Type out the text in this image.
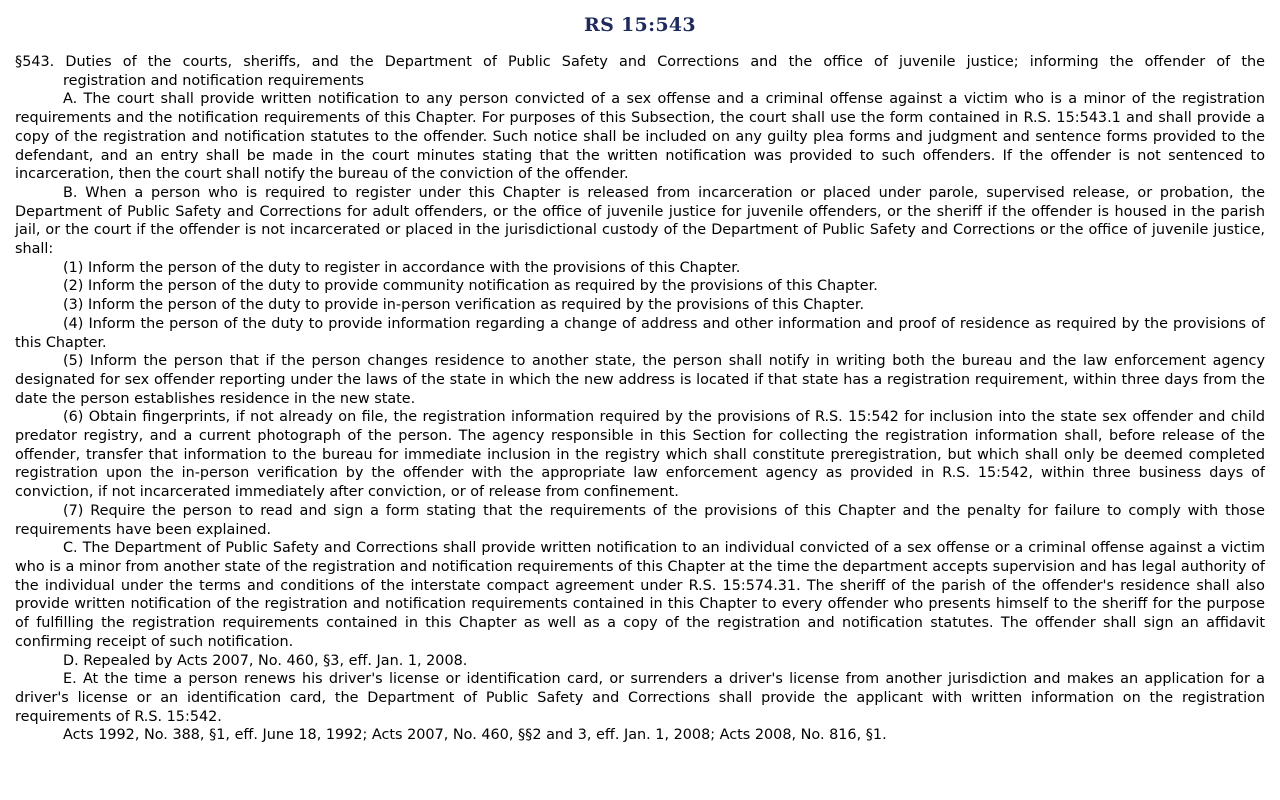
RS 15:543

§543. Duties of the courts, sheriffs, and the Department of Public Safety and Corrections and the office of juvenile justice; informing the offender of the

registration and notification requirements

A. The court shall provide written notification to any person convicted of a sex offense and a criminal offense against a victim who is a minor of the registration requirements and the notification requirements of this Chapter. For purposes of this Subsection, the court shall use the form contained in R.S. 15:543.1 and shall provide a copy of the registration and notification statutes to the offender. Such notice shall be included on any guilty plea forms and judgment and sentence forms provided to the defendant, and an entry shall be made in the court minutes stating that the written notification was provided to such offenders. If the offender is not sentenced to incarceration, then the court shall notify the bureau of the conviction of the offender.

B. When a person who is required to register under this Chapter is released from incarceration or placed under parole, supervised release, or probation, the Department of Public Safety and Corrections for adult offenders, or the office of juvenile justice for juvenile offenders, or the sheriff if the offender is housed in the parish jail, or the court if the offender is not incarcerated or placed in the jurisdictional custody of the Department of Public Safety and Corrections or the office of juvenile justice, shall:

(1) Inform the person of the duty to register in accordance with the provisions of this Chapter.

(2) Inform the person of the duty to provide community notification as required by the provisions of this Chapter.

(3) Inform the person of the duty to provide in-person verification as required by the provisions of this Chapter.

(4) Inform the person of the duty to provide information regarding a change of address and other information and proof of residence as required by the provisions of this Chapter.

(5) Inform the person that if the person changes residence to another state, the person shall notify in writing both the bureau and the law enforcement agency designated for sex offender reporting under the laws of the state in which the new address is located if that state has a registration requirement, within three days from the date the person establishes residence in the new state.

(6) Obtain fingerprints, if not already on file, the registration information required by the provisions of R.S. 15:542 for inclusion into the state sex offender and child predator registry, and a current photograph of the person. The agency responsible in this Section for collecting the registration information shall, before release of the offender, transfer that information to the bureau for immediate inclusion in the registry which shall constitute preregistration, but which shall only be deemed completed registration upon the in-person verification by the offender with the appropriate law enforcement agency as provided in R.S. 15:542, within three business days of conviction, if not incarcerated immediately after conviction, or of release from confinement.

(7) Require the person to read and sign a form stating that the requirements of the provisions of this Chapter and the penalty for failure to comply with those requirements have been explained.

C. The Department of Public Safety and Corrections shall provide written notification to an individual convicted of a sex offense or a criminal offense against a victim who is a minor from another state of the registration and notification requirements of this Chapter at the time the department accepts supervision and has legal authority of the individual under the terms and conditions of the interstate compact agreement under R.S. 15:574.31. The sheriff of the parish of the offender's residence shall also provide written notification of the registration and notification requirements contained in this Chapter to every offender who presents himself to the sheriff for the purpose of fulfilling the registration requirements contained in this Chapter as well as a copy of the registration and notification statutes. The offender shall sign an affidavit confirming receipt of such notification.

D. Repealed by Acts 2007, No. 460, §3, eff. Jan. 1, 2008.

E. At the time a person renews his driver's license or identification card, or surrenders a driver's license from another jurisdiction and makes an application for a driver's license or an identification card, the Department of Public Safety and Corrections shall provide the applicant with written information on the registration requirements of R.S. 15:542.

Acts 1992, No. 388, §1, eff. June 18, 1992; Acts 2007, No. 460, §§2 and 3, eff. Jan. 1, 2008; Acts 2008, No. 816, §1.
